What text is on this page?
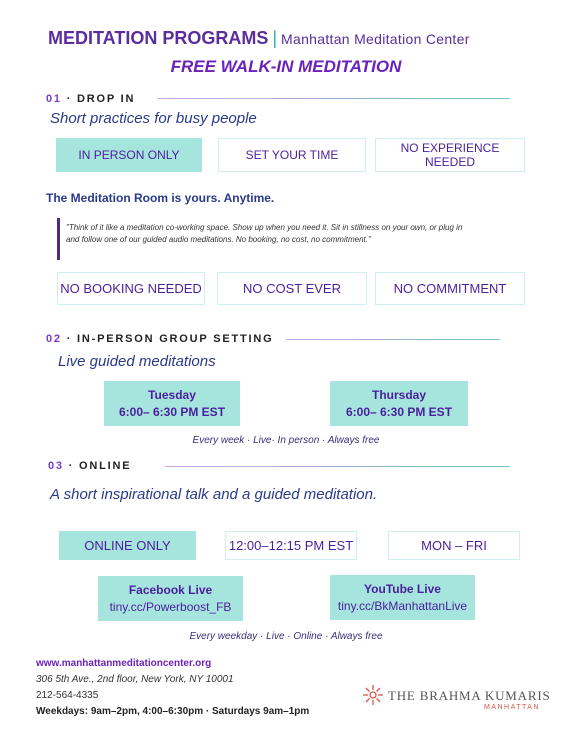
MEDITATION PROGRAMS | Manhattan Meditation Center
FREE WALK-IN MEDITATION
01 · DROP IN
Short practices for busy people
IN PERSON ONLY	SET YOUR TIME	NO EXPERIENCE NEEDED
The Meditation Room is yours. Anytime.
"Think of it like a meditation co-working space. Show up when you need it. Sit in stillness on your own, or plug in
and follow one of our guided audio meditations. No booking, no cost, no commitment."
NO BOOKING NEEDED	NO COST EVER	NO COMMITMENT
02 · IN-PERSON GROUP SETTING
Live guided meditations
Tuesday
6:00– 6:30 PM EST
Thursday
6:00– 6:30 PM EST
Every week · Live· In person · Always free
03 · ONLINE
A short inspirational talk and a guided meditation.
ONLINE ONLY	12:00–12:15 PM EST	MON – FRI
Facebook Live
tiny.cc/Powerboost_FB
YouTube Live
tiny.cc/BkManhattanLive
Every weekday · Live · Online · Always free
www.manhattanmeditationcenter.org
306 5th Ave., 2nd floor, New York, NY 10001
212-564-4335
Weekdays: 9am–2pm, 4:00–6:30pm · Saturdays 9am–1pm
THE BRAHMA KUMARIS
MANHATTAN
